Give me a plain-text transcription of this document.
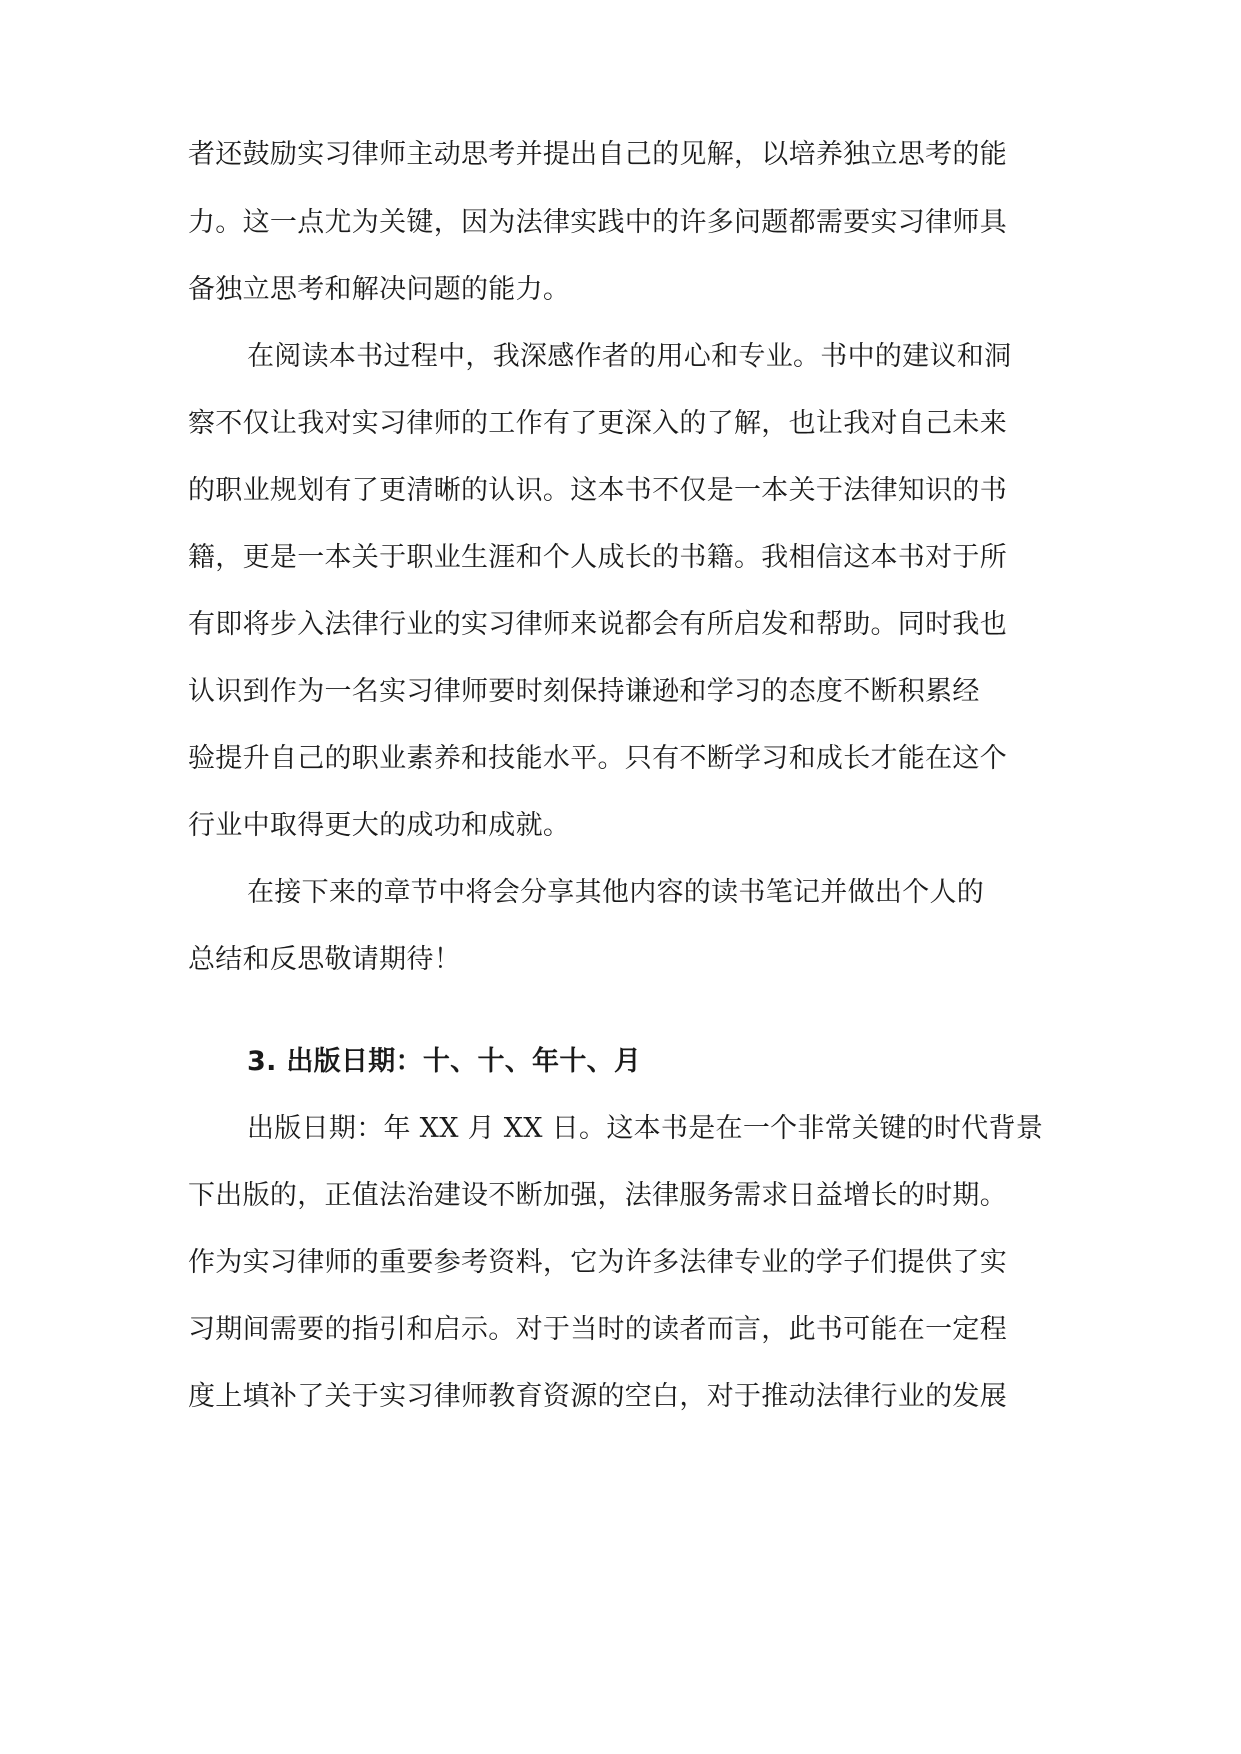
者还鼓励实习律师主动思考并提出自己的见解，以培养独立思考的能
力。这一点尤为关键，因为法律实践中的许多问题都需要实习律师具
备独立思考和解决问题的能力。
在阅读本书过程中，我深感作者的用心和专业。书中的建议和洞
察不仅让我对实习律师的工作有了更深入的了解，也让我对自己未来
的职业规划有了更清晰的认识。这本书不仅是一本关于法律知识的书
籍，更是一本关于职业生涯和个人成长的书籍。我相信这本书对于所
有即将步入法律行业的实习律师来说都会有所启发和帮助。同时我也
认识到作为一名实习律师要时刻保持谦逊和学习的态度不断积累经
验提升自己的职业素养和技能水平。只有不断学习和成长才能在这个
行业中取得更大的成功和成就。
在接下来的章节中将会分享其他内容的读书笔记并做出个人的
总结和反思敬请期待！
3. 出版日期：十、十、年十、月
出版日期：年 XX 月 XX 日。这本书是在一个非常关键的时代背景
下出版的，正值法治建设不断加强，法律服务需求日益增长的时期。
作为实习律师的重要参考资料，它为许多法律专业的学子们提供了实
习期间需要的指引和启示。对于当时的读者而言，此书可能在一定程
度上填补了关于实习律师教育资源的空白，对于推动法律行业的发展
